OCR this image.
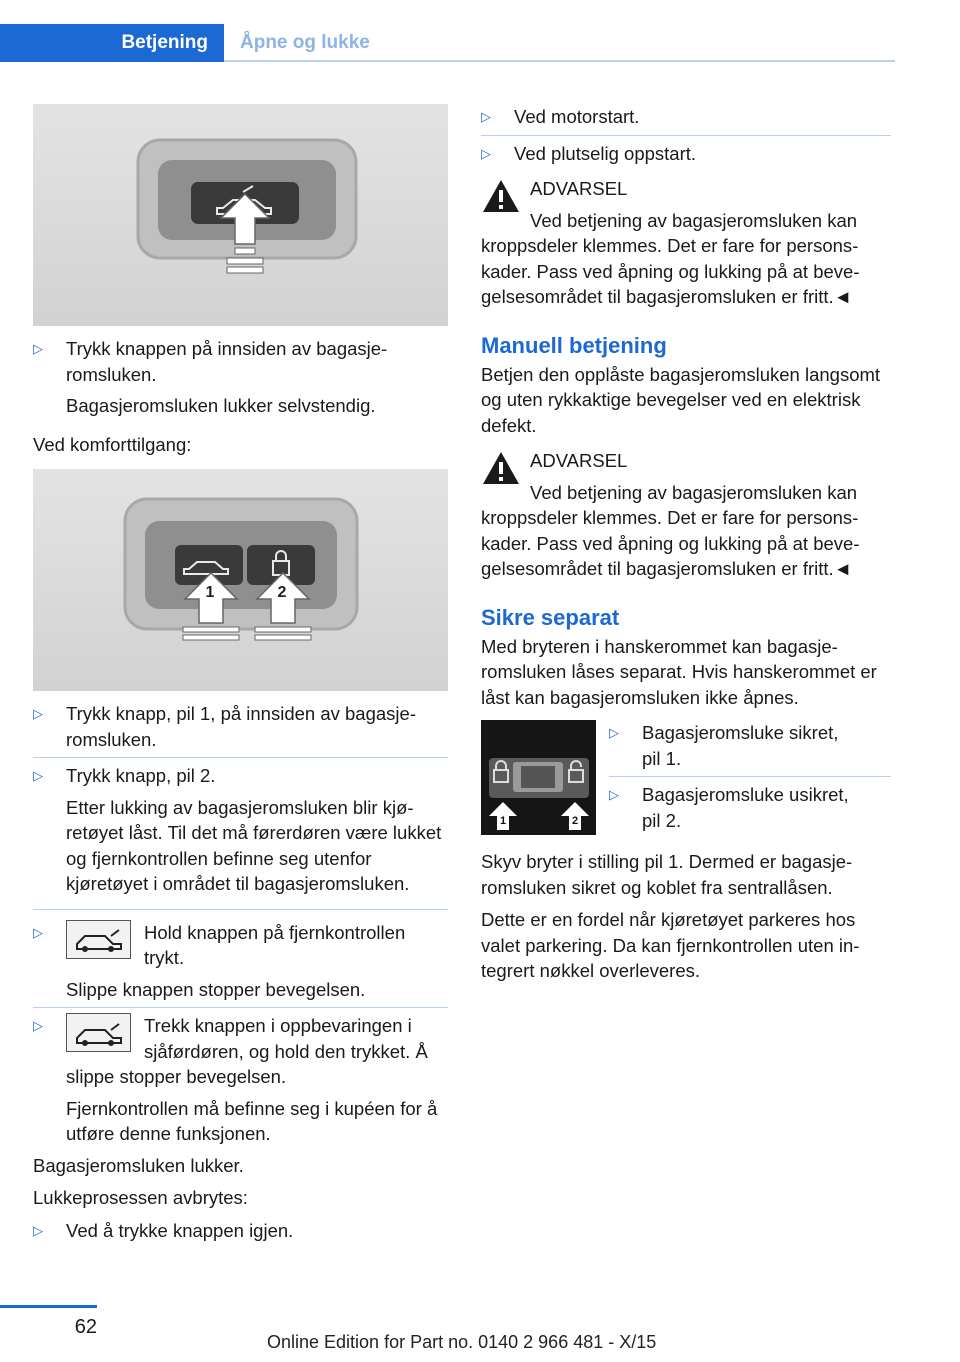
Betjening	Åpne og lukke
▷ Trykk knappen på innsiden av bagasjeromsluken.
Bagasjeromsluken lukker selvstendig.

Ved komforttilgang:

1	2
▷ Trykk knapp, pil 1, på innsiden av bagasjeromsluken.
▷ Trykk knapp, pil 2.
Etter lukking av bagasjeromsluken blir kjøretøyet låst. Til det må førerdøren være lukket og fjernkontrollen befinne seg utenfor kjøretøyet i området til bagasjeromsluken.
▷	Hold knappen på fjernkontrollen trykt.
Slippe knappen stopper bevegelsen.
▷	Trekk knappen i oppbevaringen i sjåførdøren, og hold den trykket. Å slippe stopper bevegelsen.
Fjernkontrollen må befinne seg i kupéen for å utføre denne funksjonen.

Bagasjeromsluken lukker.

Lukkeprosessen avbrytes:

▷ Ved å trykke knappen igjen.
▷ Ved motorstart.
▷ Ved plutselig oppstart.
ADVARSEL
Ved betjening av bagasjeromsluken kan
kroppsdeler klemmes. Det er fare for personskader. Pass ved åpning og lukking på at bevegelsesområdet til bagasjeromsluken er fritt.◄
Manuell betjening

Betjen den opplåste bagasjeromsluken langsomt og uten rykkaktige bevegelser ved en elektrisk defekt.

ADVARSEL
Ved betjening av bagasjeromsluken kan
kroppsdeler klemmes. Det er fare for personskader. Pass ved åpning og lukking på at bevegelsesområdet til bagasjeromsluken er fritt.◄
Sikre separat

Med bryteren i hanskerommet kan bagasjeromsluken låses separat. Hvis hanskerommet er låst kan bagasjeromsluken ikke åpnes.

1	2
▷ Bagasjeromsluke sikret,
pil 1.
▷ Bagasjeromsluke usikret,
pil 2.

Skyv bryter i stilling pil 1. Dermed er bagasjeromsluken sikret og koblet fra sentrallåsen.

Dette er en fordel når kjøretøyet parkeres hos valet parkering. Da kan fjernkontrollen uten integrert nøkkel overleveres.

62
Online Edition for Part no. 0140 2 966 481 - X/15
